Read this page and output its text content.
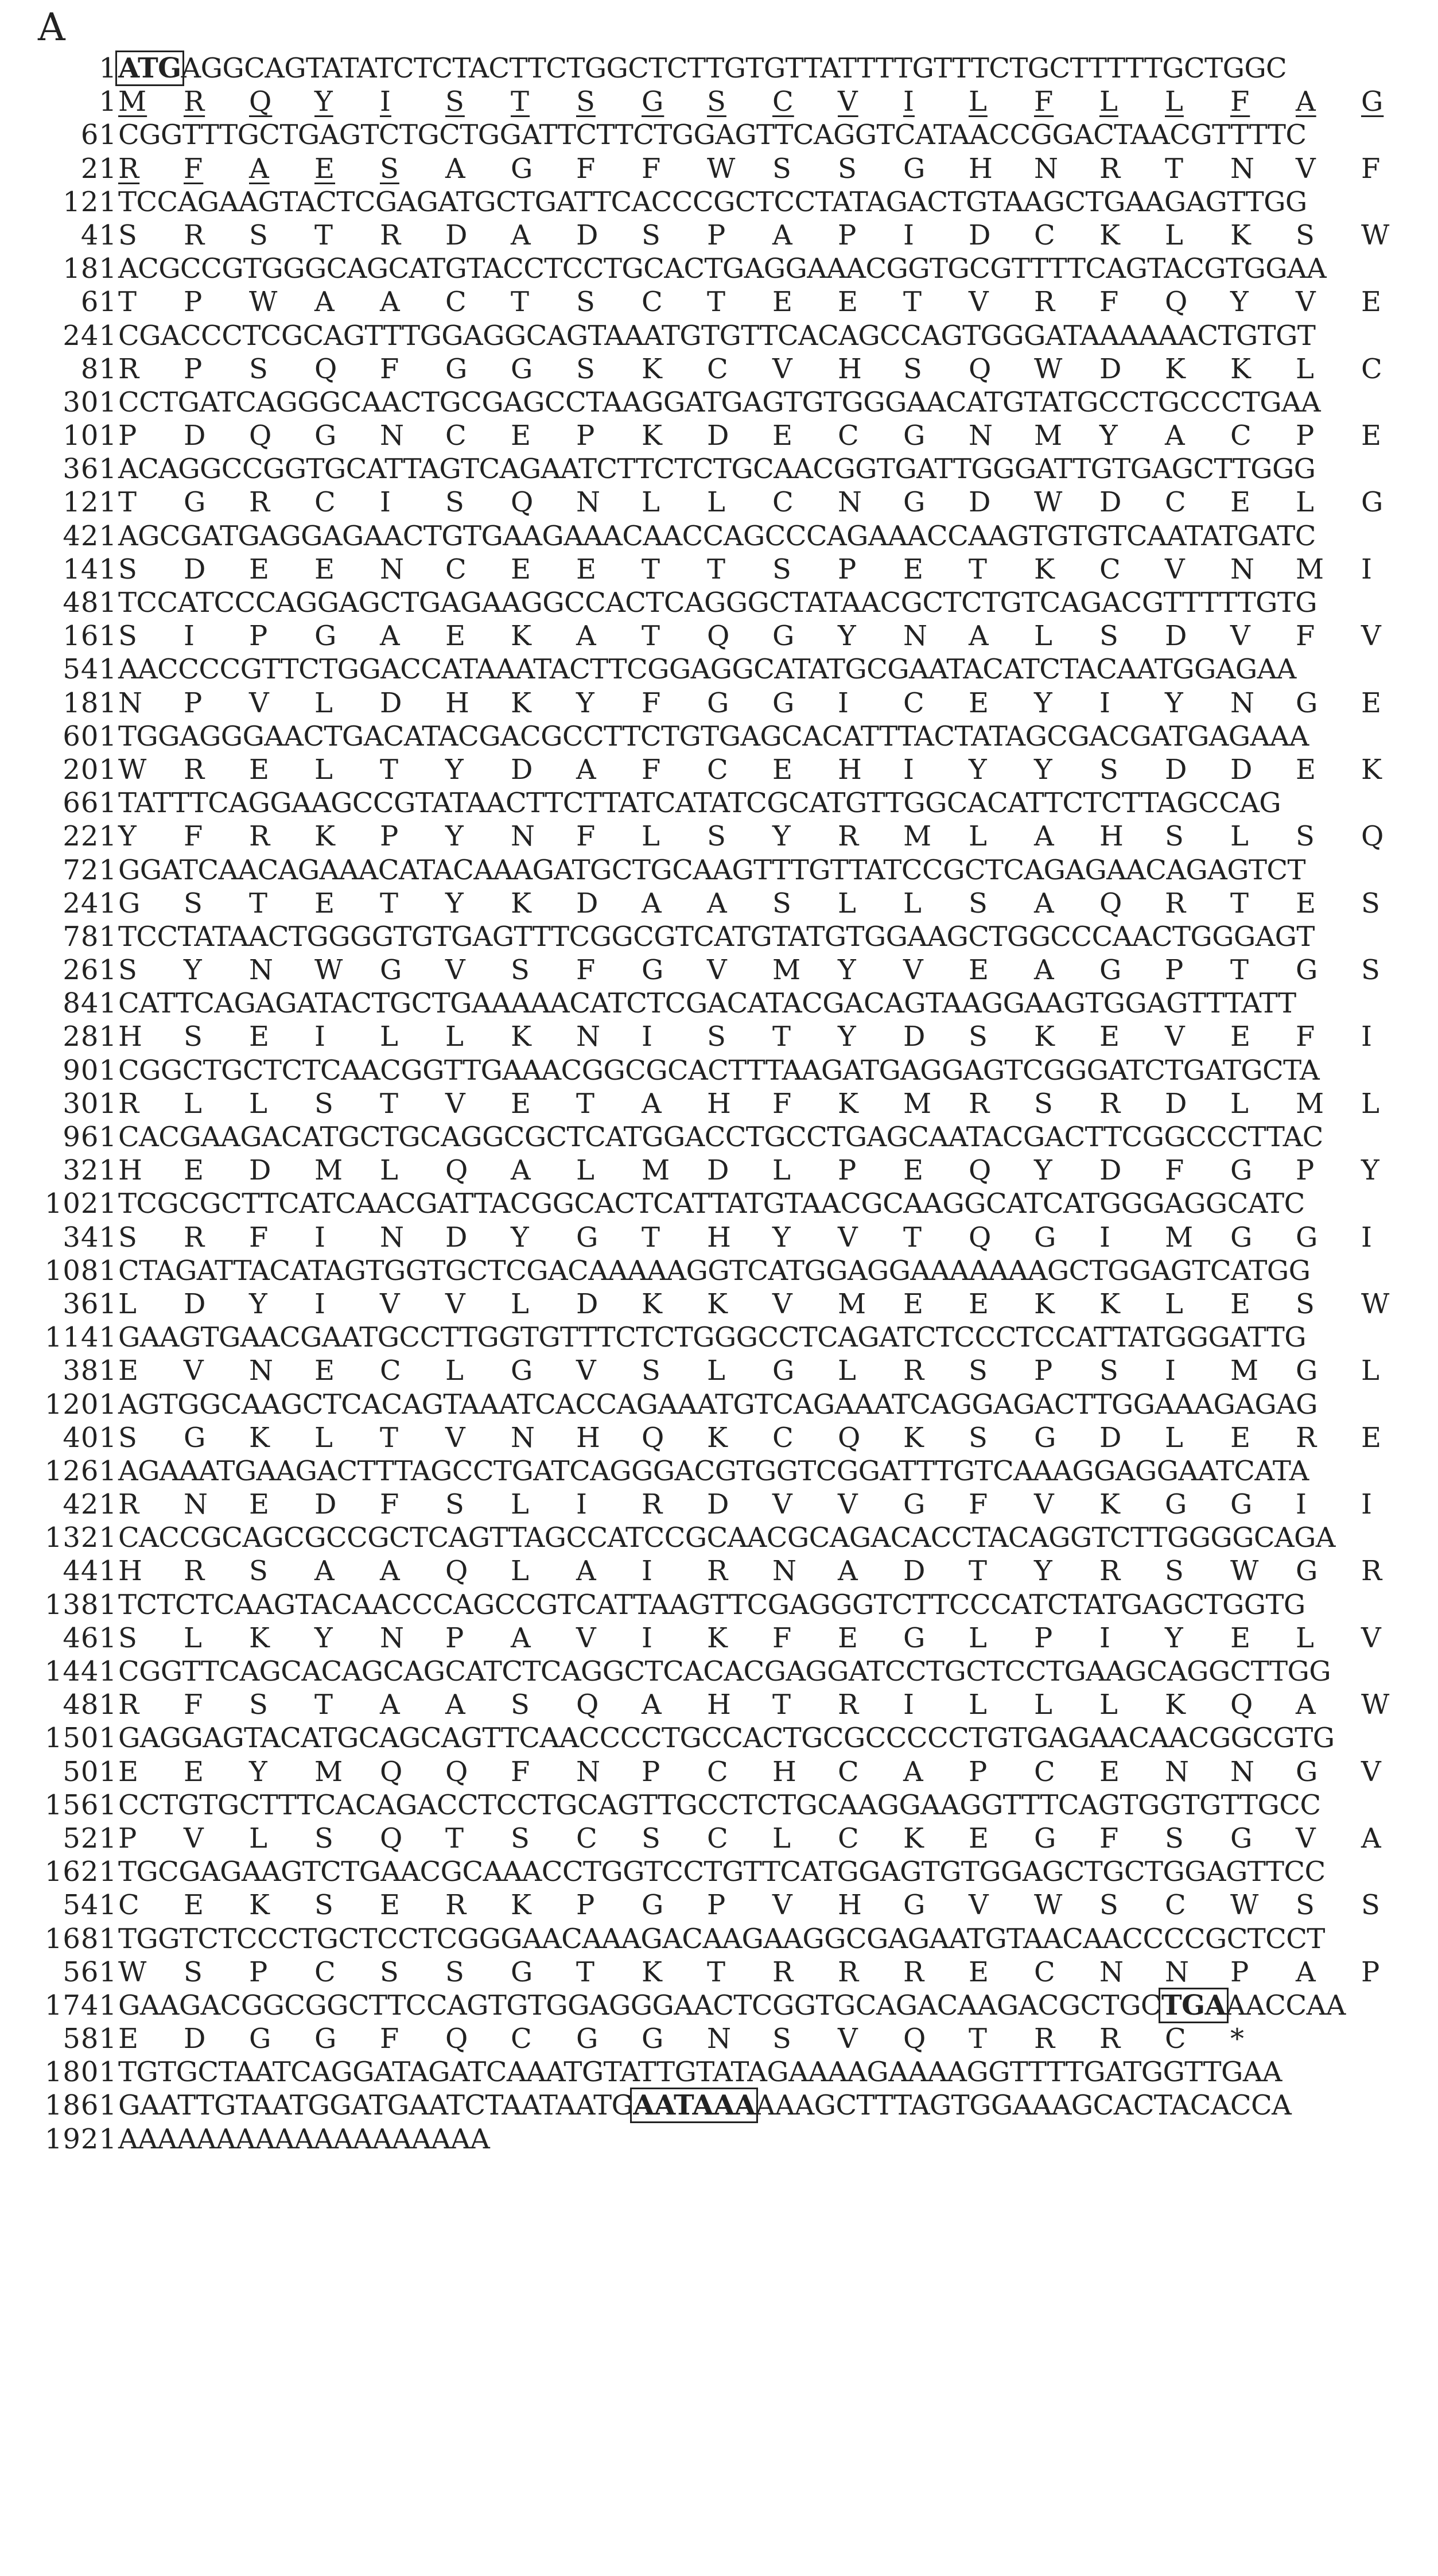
A
1 ATGAGGCAGTATATCTCTACTTCTGGCTCTTGTGTTATTTTGTTTCTGCTTTTTGCTGGC
1 M R Q Y I S T S G S C V I L F L L F A G
61 CGGTTTGCTGAGTCTGCTGGATTCTTCTGGAGTTCAGGTCATAACCGGACTAACGTTTTC
21 R F A E S A G F F W S S G H N R T N V F
121 TCCAGAAGTACTCGAGATGCTGATTCACCCGCTCCTATAGACTGTAAGCTGAAGAGTTGG
41 S R S T R D A D S P A P I D C K L K S W
181 ACGCCGTGGGCAGCATGTACCTCCTGCACTGAGGAAACGGTGCGTTTTCAGTACGTGGAA
61 T P W A A C T S C T E E T V R F Q Y V E
241 CGACCCTCGCAGTTTGGAGGCAGTAAATGTGTTCACAGCCAGTGGGATAAAAAACTGTGT
81 R P S Q F G G S K C V H S Q W D K K L C
301 CCTGATCAGGGCAACTGCGAGCCTAAGGATGAGTGTGGGAACATGTATGCCTGCCCTGAA
101 P D Q G N C E P K D E C G N M Y A C P E
361 ACAGGCCGGTGCATTAGTCAGAATCTTCTCTGCAACGGTGATTGGGATTGTGAGCTTGGG
121 T G R C I S Q N L L C N G D W D C E L G
421 AGCGATGAGGAGAACTGTGAAGAAACAACCAGCCCAGAAACCAAGTGTGTCAATATGATC
141 S D E E N C E E T T S P E T K C V N M I
481 TCCATCCCAGGAGCTGAGAAGGCCACTCAGGGCTATAACGCTCTGTCAGACGTTTTTGTG
161 S I P G A E K A T Q G Y N A L S D V F V
541 AACCCCGTTCTGGACCATAAATACTTCGGAGGCATATGCGAATACATCTACAATGGAGAA
181 N P V L D H K Y F G G I C E Y I Y N G E
601 TGGAGGGAACTGACATACGACGCCTTCTGTGAGCACATTTACTATAGCGACGATGAGAAA
201 W R E L T Y D A F C E H I Y Y S D D E K
661 TATTTCAGGAAGCCGTATAACTTCTTATCATATCGCATGTTGGCACATTCTCTTAGCCAG
221 Y F R K P Y N F L S Y R M L A H S L S Q
721 GGATCAACAGAAACATACAAAGATGCTGCAAGTTTGTTATCCGCTCAGAGAACAGAGTCT
241 G S T E T Y K D A A S L L S A Q R T E S
781 TCCTATAACTGGGGTGTGAGTTTCGGCGTCATGTATGTGGAAGCTGGCCCAACTGGGAGT
261 S Y N W G V S F G V M Y V E A G P T G S
841 CATTCAGAGATACTGCTGAAAAACATCTCGACATACGACAGTAAGGAAGTGGAGTTTATT
281 H S E I L L K N I S T Y D S K E V E F I
901 CGGCTGCTCTCAACGGTTGAAACGGCGCACTTTAAGATGAGGAGTCGGGATCTGATGCTA
301 R L L S T V E T A H F K M R S R D L M L
961 CACGAAGACATGCTGCAGGCGCTCATGGACCTGCCTGAGCAATACGACTTCGGCCCTTAC
321 H E D M L Q A L M D L P E Q Y D F G P Y
1021 TCGCGCTTCATCAACGATTACGGCACTCATTATGTAACGCAAGGCATCATGGGAGGCATC
341 S R F I N D Y G T H Y V T Q G I M G G I
1081 CTAGATTACATAGTGGTGCTCGACAAAAAGGTCATGGAGGAAAAAAAGCTGGAGTCATGG
361 L D Y I V V L D K K V M E E K K L E S W
1141 GAAGTGAACGAATGCCTTGGTGTTTCTCTGGGCCTCAGATCTCCCTCCATTATGGGATTG
381 E V N E C L G V S L G L R S P S I M G L
1201 AGTGGCAAGCTCACAGTAAATCACCAGAAATGTCAGAAATCAGGAGACTTGGAAAGAGAG
401 S G K L T V N H Q K C Q K S G D L E R E
1261 AGAAATGAAGACTTTAGCCTGATCAGGGACGTGGTCGGATTTGTCAAAGGAGGAATCATA
421 R N E D F S L I R D V V G F V K G G I I
1321 CACCGCAGCGCCGCTCAGTTAGCCATCCGCAACGCAGACACCTACAGGTCTTGGGGCAGA
441 H R S A A Q L A I R N A D T Y R S W G R
1381 TCTCTCAAGTACAACCCAGCCGTCATTAAGTTCGAGGGTCTTCCCATCTATGAGCTGGTG
461 S L K Y N P A V I K F E G L P I Y E L V
1441 CGGTTCAGCACAGCAGCATCTCAGGCTCACACGAGGATCCTGCTCCTGAAGCAGGCTTGG
481 R F S T A A S Q A H T R I L L L K Q A W
1501 GAGGAGTACATGCAGCAGTTCAACCCCTGCCACTGCGCCCCCTGTGAGAACAACGGCGTG
501 E E Y M Q Q F N P C H C A P C E N N G V
1561 CCTGTGCTTTCACAGACCTCCTGCAGTTGCCTCTGCAAGGAAGGTTTCAGTGGTGTTGCC
521 P V L S Q T S C S C L C K E G F S G V A
1621 TGCGAGAAGTCTGAACGCAAACCTGGTCCTGTTCATGGAGTGTGGAGCTGCTGGAGTTCC
541 C E K S E R K P G P V H G V W S C W S S
1681 TGGTCTCCCTGCTCCTCGGGAACAAAGACAAGAAGGCGAGAATGTAACAACCCCGCTCCT
561 W S P C S S G T K T R R R E C N N P A P
1741 GAAGACGGCGGCTTCCAGTGTGGAGGGAACTCGGTGCAGACAAGACGCTGCTGAAACCAA
581 E D G G F Q C G G N S V Q T R R C *
1801 TGTGCTAATCAGGATAGATCAAATGTATTGTATAGAAAAGAAAAGGTTTTGATGGTTGAA
1861 GAATTGTAATGGATGAATCTAATAATGAATAAAAAAGCTTTAGTGGAAAGCACTACACCA
1921 AAAAAAAAAAAAAAAAAAA
